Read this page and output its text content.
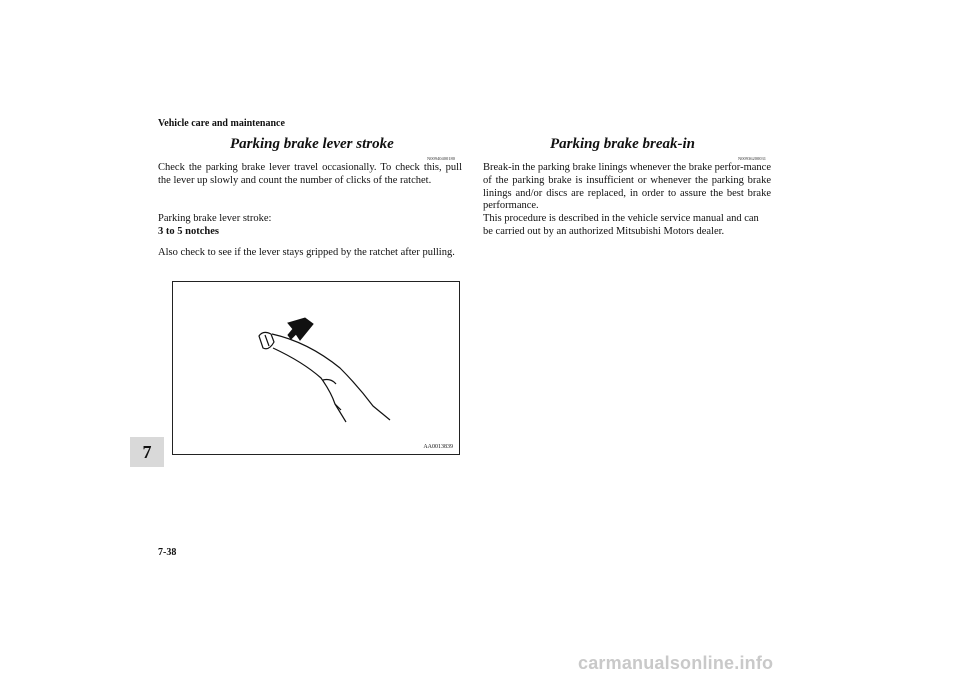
Vehicle care and maintenance
7
Parking brake lever stroke
N00940400180
Check the parking brake lever travel occasionally. To check this, pull the lever up slowly and count the number of clicks of the ratchet.
Parking brake lever stroke:
3 to 5 notches
Also check to see if the lever stays gripped by the ratchet after pulling.
AA0013839
Parking brake break-in
N00936200031
Break-in the parking brake linings whenever the brake perfor-mance of the parking brake is insufficient or whenever the parking brake linings and/or discs are replaced, in order to assure the best brake performance.
This procedure is described in the vehicle service manual and can be carried out by an authorized Mitsubishi Motors dealer.
7-38
carmanualsonline.info
